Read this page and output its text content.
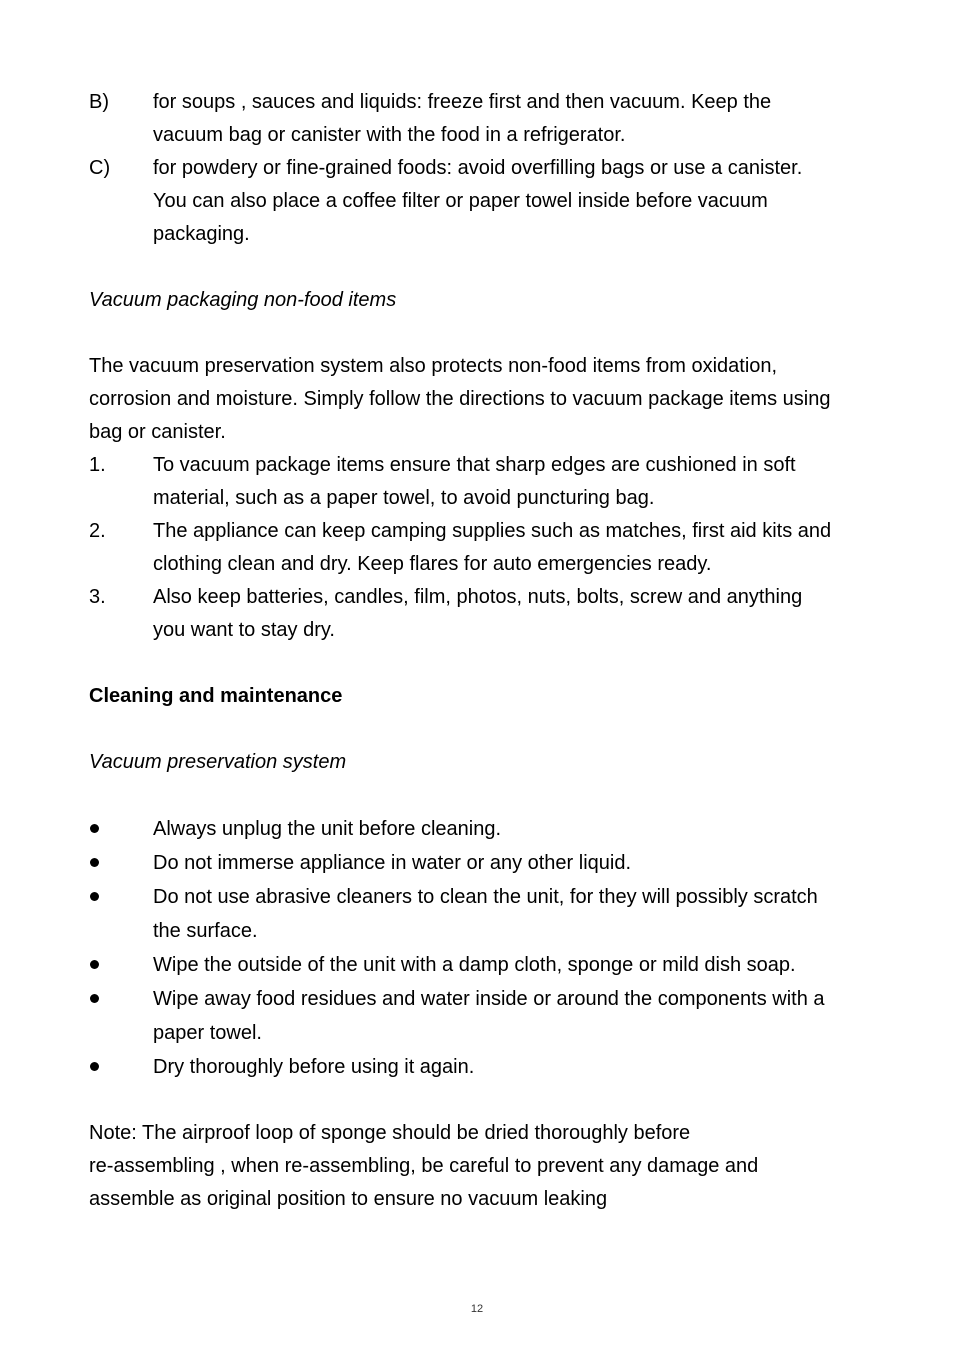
B)	for soups , sauces and liquids: freeze first and then vacuum. Keep the
vacuum bag or canister with the food in a refrigerator.
C)	for powdery or fine-grained foods: avoid overfilling bags or use a canister.
You can also place a coffee filter or paper towel inside before vacuum
packaging.
Vacuum packaging non-food items
The vacuum preservation system also protects non-food items from oxidation,
corrosion and moisture. Simply follow the directions to vacuum package items using
bag or canister.
1.	To vacuum package items ensure that sharp edges are cushioned in soft
material, such as a paper towel, to avoid puncturing bag.
2.	The appliance can keep camping supplies such as matches, first aid kits and
clothing clean and dry. Keep flares for auto emergencies ready.
3.	Also keep batteries, candles, film, photos, nuts, bolts, screw and anything
you want to stay dry.
Cleaning and maintenance
Vacuum preservation system
Always unplug the unit before cleaning.
Do not immerse appliance in water or any other liquid.
Do not use abrasive cleaners to clean the unit, for they will possibly scratch
the surface.
Wipe the outside of the unit with a damp cloth, sponge or mild dish soap.
Wipe away food residues and water inside or around the components with a
paper towel.
Dry thoroughly before using it again.
Note: The airproof loop of sponge should be dried thoroughly before
re-assembling , when re-assembling, be careful to prevent any damage and
assemble as original position to ensure no vacuum leaking
12
